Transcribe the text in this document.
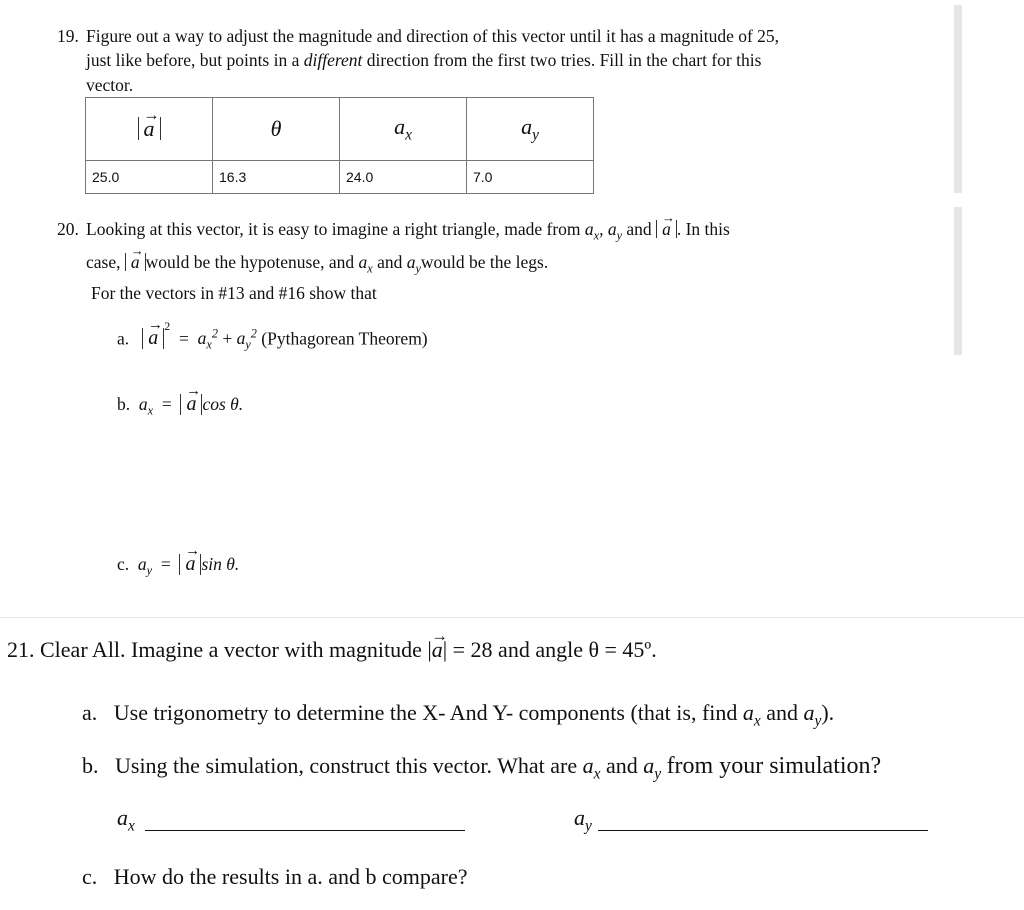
19. Figure out a way to adjust the magnitude and direction of this vector until it has a magnitude of 25,
just like before, but points in a different direction from the first two tries. Fill in the chart for this
vector.
→ a	θ	$a_x$	$a_y$
25.0	16.3	24.0	7.0
20. Looking at this vector, it is easy to imagine a right triangle, made from $a_x$, $a_y$ and → a . In this
case, → a would be the hypotenuse, and $a_x$ and $a_ywould$ be the legs.
For the vectors in #13 and #16 show that
a. → $a^2 = a_x^2 + a_y^2$ (Pythagorean Theorem)
b. $a_x$  =  → a cos θ.
c. $a_y$  =  → a sin θ.
21. Clear All. Imagine a vector with magnitude |→ a| = 28 and angle θ = 45º.
a. Use trigonometry to determine the X- And Y- components (that is, find $a_x$ and $a_y$).
b. Using the simulation, construct this vector. What are $a_x$ and $a_y$ from your simulation?
$a_x$	$a_y$
c. How do the results in a. and b compare?
